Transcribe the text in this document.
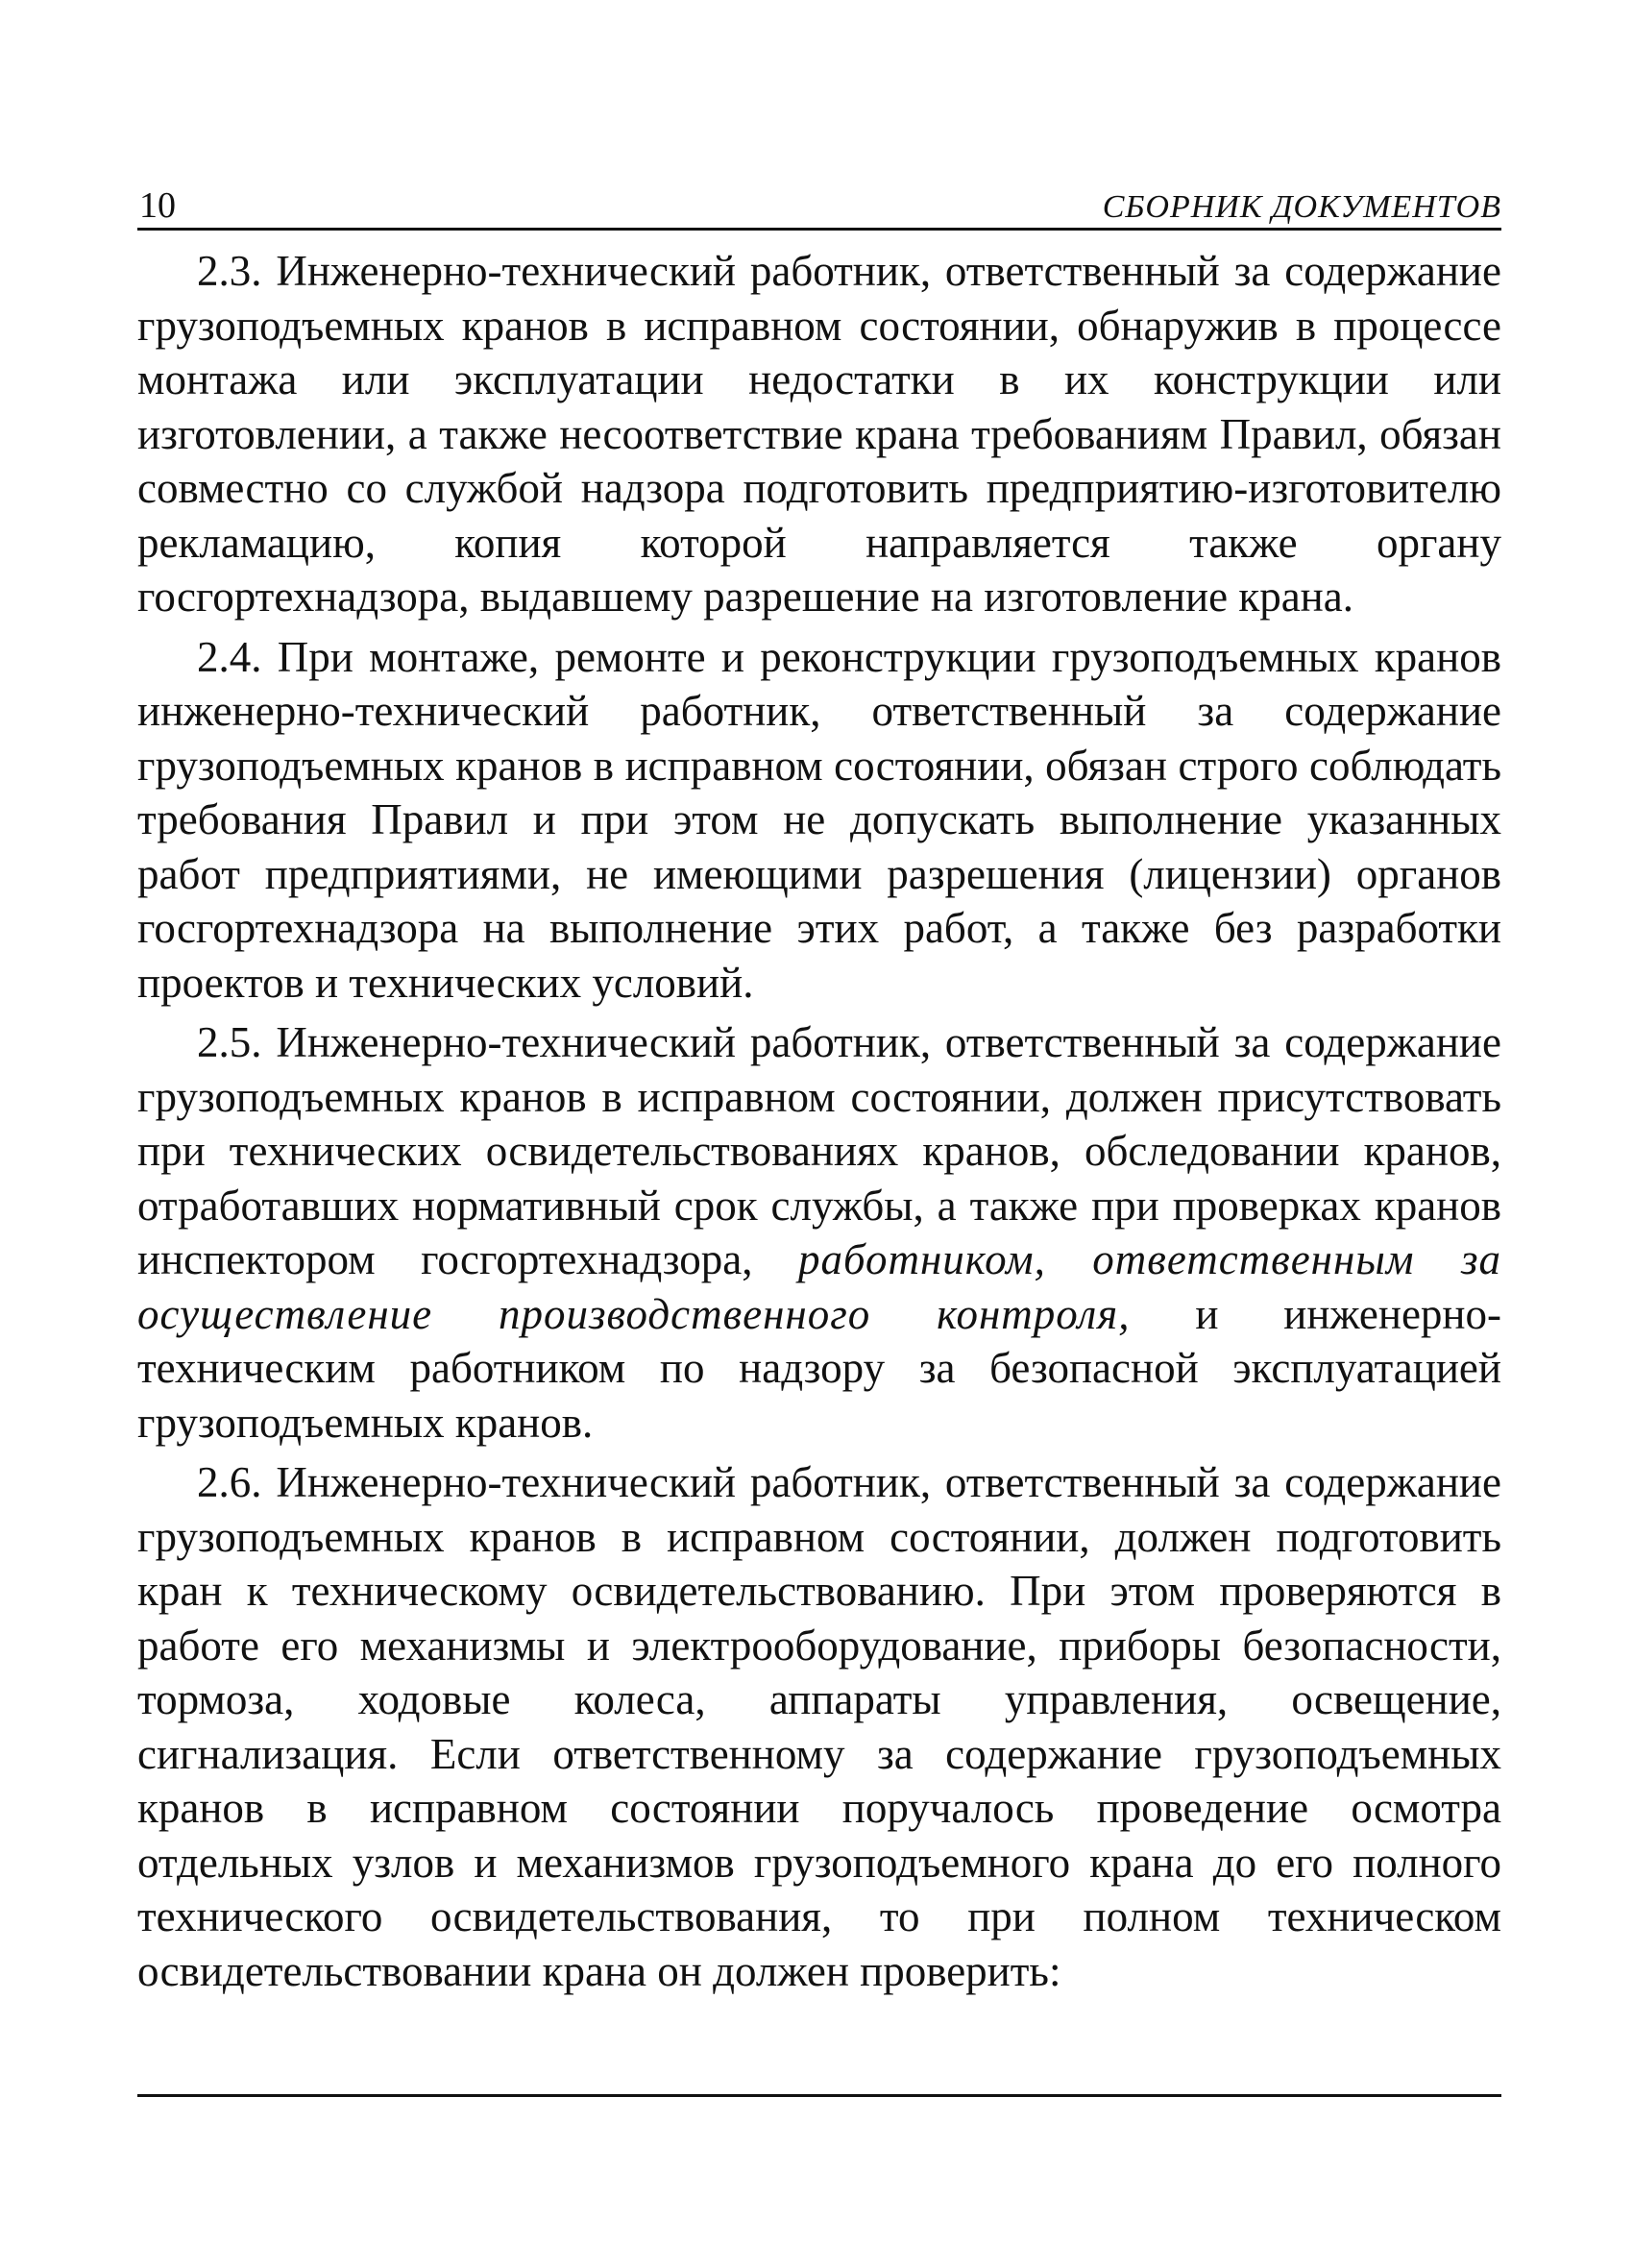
10	СБОРНИК ДОКУМЕНТОВ

2.3. Инженерно-технический работник, ответственный за содержание грузоподъемных кранов в исправном состоянии, обнаружив в процессе монтажа или эксплуатации недостатки в их конструкции или изготовлении, а также несоответствие крана требованиям Правил, обязан совместно со службой надзора подготовить предприятию-изготовителю рекламацию, копия которой направляется также органу госгортехнадзора, выдавшему разрешение на изготовление крана.

2.4. При монтаже, ремонте и реконструкции грузоподъемных кранов инженерно-технический работник, ответственный за содержание грузоподъемных кранов в исправном состоянии, обязан строго соблюдать требования Правил и при этом не допускать выполнение указанных работ предприятиями, не имеющими разрешения (лицензии) органов госгортехнадзора на выполнение этих работ, а также без разработки проектов и технических условий.

2.5. Инженерно-технический работник, ответственный за содержание грузоподъемных кранов в исправном состоянии, должен присутствовать при технических освидетельствованиях кранов, обследовании кранов, отработавших нормативный срок службы, а также при проверках кранов инспектором госгортехнадзора, работником, ответственным за осуществление производственного контроля, и инженерно-техническим работником по надзору за безопасной эксплуатацией грузоподъемных кранов.

2.6. Инженерно-технический работник, ответственный за содержание грузоподъемных кранов в исправном состоянии, должен подготовить кран к техническому освидетельствованию. При этом проверяются в работе его механизмы и электрооборудование, приборы безопасности, тормоза, ходовые колеса, аппараты управления, освещение, сигнализация. Если ответственному за содержание грузоподъемных кранов в исправном состоянии поручалось проведение осмотра отдельных узлов и механизмов грузоподъемного крана до его полного технического освидетельствования, то при полном техническом освидетельствовании крана он должен проверить:
